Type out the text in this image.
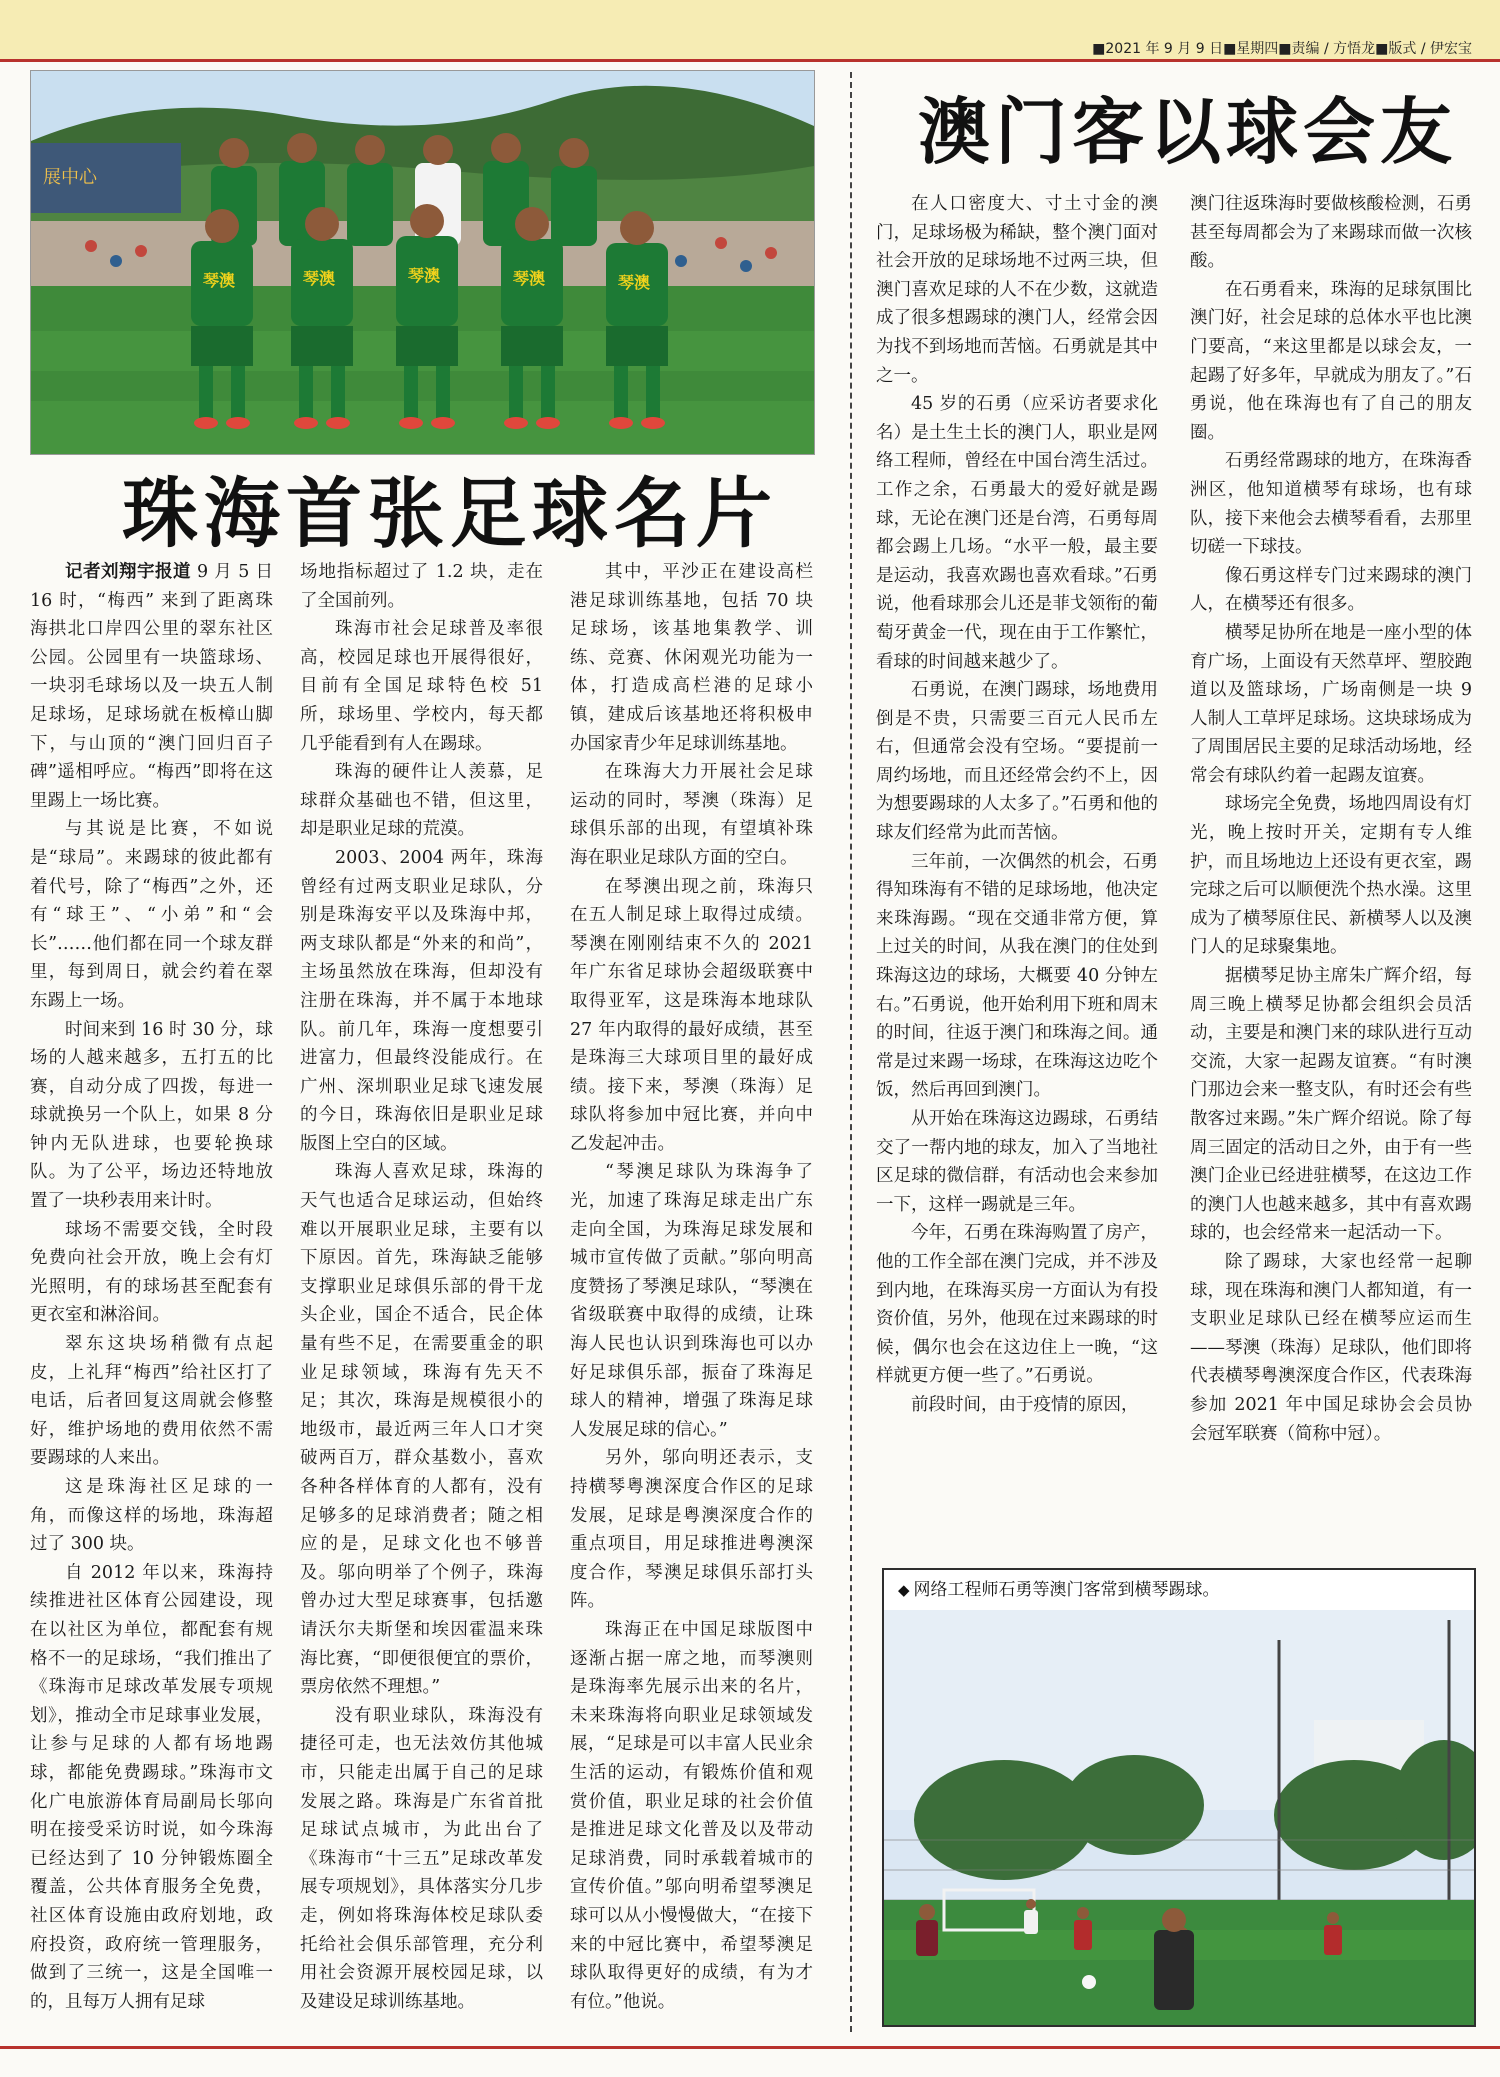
■2021 年 9 月 9 日■星期四■责编 / 方悟龙■版式 / 伊宏宝
展中心
琴澳	琴澳	琴澳	琴澳	琴澳
珠海首张足球名片

记者刘翔宇报道 9 月 5 日 16 时，“梅西” 来到了距离珠海拱北口岸四公里的翠东社区公园。公园里有一块篮球场、一块羽毛球场以及一块五人制足球场，足球场就在板樟山脚下，与山顶的“澳门回归百子碑”遥相呼应。“梅西”即将在这里踢上一场比赛。

与其说是比赛，不如说是“球局”。来踢球的彼此都有着代号，除了“梅西”之外，还有“球王”、“小弟”和“会长”……他们都在同一个球友群里，每到周日，就会约着在翠东踢上一场。

时间来到 16 时 30 分，球场的人越来越多，五打五的比赛，自动分成了四拨，每进一球就换另一个队上，如果 8 分钟内无队进球，也要轮换球队。为了公平，场边还特地放置了一块秒表用来计时。

球场不需要交钱，全时段免费向社会开放，晚上会有灯光照明，有的球场甚至配套有更衣室和淋浴间。

翠东这块场稍微有点起皮，上礼拜“梅西”给社区打了电话，后者回复这周就会修整好，维护场地的费用依然不需要踢球的人来出。

这是珠海社区足球的一角，而像这样的场地，珠海超过了 300 块。

自 2012 年以来，珠海持续推进社区体育公园建设，现在以社区为单位，都配套有规格不一的足球场，“我们推出了《珠海市足球改革发展专项规划》，推动全市足球事业发展，让参与足球的人都有场地踢球，都能免费踢球。”珠海市文化广电旅游体育局副局长邬向明在接受采访时说，如今珠海已经达到了 10 分钟锻炼圈全覆盖，公共体育服务全免费，社区体育设施由政府划地，政府投资，政府统一管理服务，做到了三统一，这是全国唯一的，且每万人拥有足球

场地指标超过了 1.2 块，走在了全国前列。

珠海市社会足球普及率很高，校园足球也开展得很好，目前有全国足球特色校 51 所，球场里、学校内，每天都几乎能看到有人在踢球。

珠海的硬件让人羡慕，足球群众基础也不错，但这里，却是职业足球的荒漠。

2003、2004 两年，珠海曾经有过两支职业足球队，分别是珠海安平以及珠海中邦，两支球队都是“外来的和尚”，主场虽然放在珠海，但却没有注册在珠海，并不属于本地球队。前几年，珠海一度想要引进富力，但最终没能成行。在广州、深圳职业足球飞速发展的今日，珠海依旧是职业足球版图上空白的区域。

珠海人喜欢足球，珠海的天气也适合足球运动，但始终难以开展职业足球，主要有以下原因。首先，珠海缺乏能够支撑职业足球俱乐部的骨干龙头企业，国企不适合，民企体量有些不足，在需要重金的职业足球领域，珠海有先天不足；其次，珠海是规模很小的地级市，最近两三年人口才突破两百万，群众基数小，喜欢各种各样体育的人都有，没有足够多的足球消费者；随之相应的是，足球文化也不够普及。邬向明举了个例子，珠海曾办过大型足球赛事，包括邀请沃尔夫斯堡和埃因霍温来珠海比赛，“即便很便宜的票价，票房依然不理想。”

没有职业球队，珠海没有捷径可走，也无法效仿其他城市，只能走出属于自己的足球发展之路。珠海是广东省首批足球试点城市，为此出台了《珠海市“十三五”足球改革发展专项规划》，具体落实分几步走，例如将珠海体校足球队委托给社会俱乐部管理，充分利用社会资源开展校园足球，以及建设足球训练基地。

其中，平沙正在建设高栏港足球训练基地，包括 70 块足球场，该基地集教学、训练、竞赛、休闲观光功能为一体，打造成高栏港的足球小镇，建成后该基地还将积极申办国家青少年足球训练基地。

在珠海大力开展社会足球运动的同时，琴澳（珠海）足球俱乐部的出现，有望填补珠海在职业足球队方面的空白。

在琴澳出现之前，珠海只在五人制足球上取得过成绩。琴澳在刚刚结束不久的 2021 年广东省足球协会超级联赛中取得亚军，这是珠海本地球队 27 年内取得的最好成绩，甚至是珠海三大球项目里的最好成绩。接下来，琴澳（珠海）足球队将参加中冠比赛，并向中乙发起冲击。

“琴澳足球队为珠海争了光，加速了珠海足球走出广东走向全国，为珠海足球发展和城市宣传做了贡献。”邬向明高度赞扬了琴澳足球队，“琴澳在省级联赛中取得的成绩，让珠海人民也认识到珠海也可以办好足球俱乐部，振奋了珠海足球人的精神，增强了珠海足球人发展足球的信心。”

另外，邬向明还表示，支持横琴粤澳深度合作区的足球发展，足球是粤澳深度合作的重点项目，用足球推进粤澳深度合作，琴澳足球俱乐部打头阵。

珠海正在中国足球版图中逐渐占据一席之地，而琴澳则是珠海率先展示出来的名片，未来珠海将向职业足球领域发展，“足球是可以丰富人民业余生活的运动，有锻炼价值和观赏价值，职业足球的社会价值是推进足球文化普及以及带动足球消费，同时承载着城市的宣传价值。”邬向明希望琴澳足球可以从小慢慢做大，“在接下来的中冠比赛中，希望琴澳足球队取得更好的成绩，有为才有位。”他说。

澳门客以球会友

在人口密度大、寸土寸金的澳门，足球场极为稀缺，整个澳门面对社会开放的足球场地不过两三块，但澳门喜欢足球的人不在少数，这就造成了很多想踢球的澳门人，经常会因为找不到场地而苦恼。石勇就是其中之一。

45 岁的石勇（应采访者要求化名）是土生土长的澳门人，职业是网络工程师，曾经在中国台湾生活过。工作之余，石勇最大的爱好就是踢球，无论在澳门还是台湾，石勇每周都会踢上几场。“水平一般，最主要是运动，我喜欢踢也喜欢看球。”石勇说，他看球那会儿还是菲戈领衔的葡萄牙黄金一代，现在由于工作繁忙，看球的时间越来越少了。

石勇说，在澳门踢球，场地费用倒是不贵，只需要三百元人民币左右，但通常会没有空场。“要提前一周约场地，而且还经常会约不上，因为想要踢球的人太多了。”石勇和他的球友们经常为此而苦恼。

三年前，一次偶然的机会，石勇得知珠海有不错的足球场地，他决定来珠海踢。“现在交通非常方便，算上过关的时间，从我在澳门的住处到珠海这边的球场，大概要 40 分钟左右。”石勇说，他开始利用下班和周末的时间，往返于澳门和珠海之间。通常是过来踢一场球，在珠海这边吃个饭，然后再回到澳门。

从开始在珠海这边踢球，石勇结交了一帮内地的球友，加入了当地社区足球的微信群，有活动也会来参加一下，这样一踢就是三年。

今年，石勇在珠海购置了房产，他的工作全部在澳门完成，并不涉及到内地，在珠海买房一方面认为有投资价值，另外，他现在过来踢球的时候，偶尔也会在这边住上一晚，“这样就更方便一些了。”石勇说。

前段时间，由于疫情的原因，

澳门往返珠海时要做核酸检测，石勇甚至每周都会为了来踢球而做一次核酸。

在石勇看来，珠海的足球氛围比澳门好，社会足球的总体水平也比澳门要高，“来这里都是以球会友，一起踢了好多年，早就成为朋友了。”石勇说，他在珠海也有了自己的朋友圈。

石勇经常踢球的地方，在珠海香洲区，他知道横琴有球场，也有球队，接下来他会去横琴看看，去那里切磋一下球技。

像石勇这样专门过来踢球的澳门人，在横琴还有很多。

横琴足协所在地是一座小型的体育广场，上面设有天然草坪、塑胶跑道以及篮球场，广场南侧是一块 9 人制人工草坪足球场。这块球场成为了周围居民主要的足球活动场地，经常会有球队约着一起踢友谊赛。

球场完全免费，场地四周设有灯光，晚上按时开关，定期有专人维护，而且场地边上还设有更衣室，踢完球之后可以顺便洗个热水澡。这里成为了横琴原住民、新横琴人以及澳门人的足球聚集地。

据横琴足协主席朱广辉介绍，每周三晚上横琴足协都会组织会员活动，主要是和澳门来的球队进行互动交流，大家一起踢友谊赛。“有时澳门那边会来一整支队，有时还会有些散客过来踢。”朱广辉介绍说。除了每周三固定的活动日之外，由于有一些澳门企业已经进驻横琴，在这边工作的澳门人也越来越多，其中有喜欢踢球的，也会经常来一起活动一下。

除了踢球，大家也经常一起聊球，现在珠海和澳门人都知道，有一支职业足球队已经在横琴应运而生——琴澳（珠海）足球队，他们即将代表横琴粤澳深度合作区，代表珠海参加 2021 年中国足球协会会员协会冠军联赛（简称中冠）。

◆ 网络工程师石勇等澳门客常到横琴踢球。
